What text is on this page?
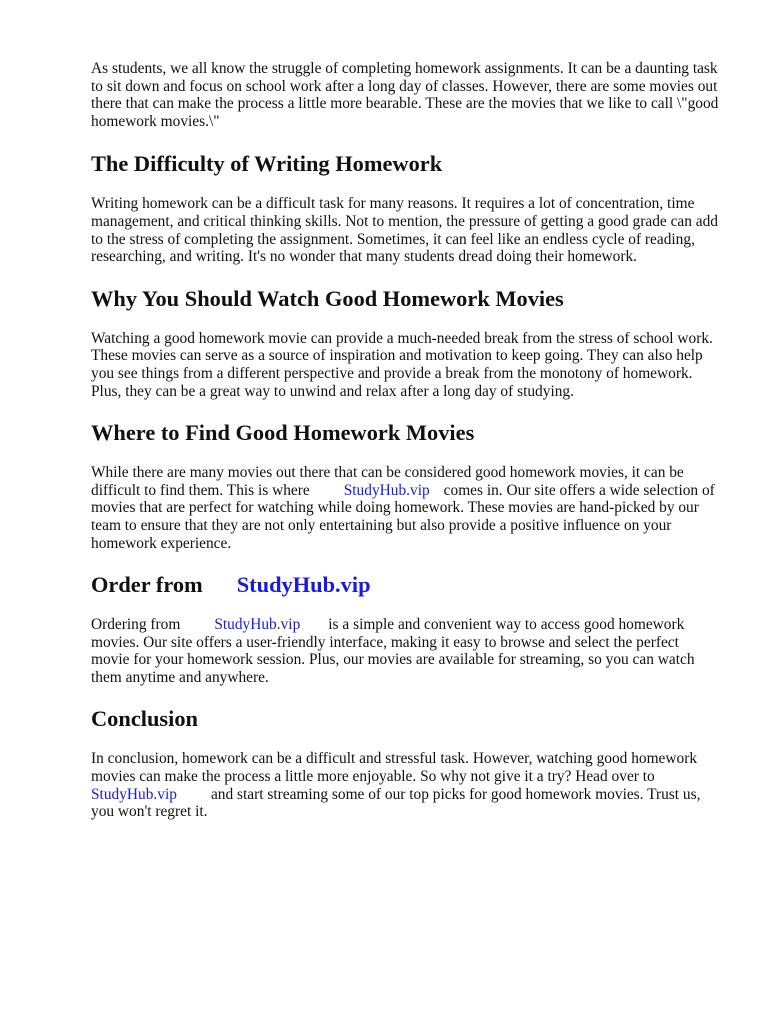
As students, we all know the struggle of completing homework assignments. It can be a daunting task to sit down and focus on school work after a long day of classes. However, there are some movies out there that can make the process a little more bearable. These are the movies that we like to call \"good homework movies.\"

The Difficulty of Writing Homework

Writing homework can be a difficult task for many reasons. It requires a lot of concentration, time management, and critical thinking skills. Not to mention, the pressure of getting a good grade can add to the stress of completing the assignment. Sometimes, it can feel like an endless cycle of reading, researching, and writing. It's no wonder that many students dread doing their homework.

Why You Should Watch Good Homework Movies

Watching a good homework movie can provide a much-needed break from the stress of school work. These movies can serve as a source of inspiration and motivation to keep going. They can also help you see things from a different perspective and provide a break from the monotony of homework. Plus, they can be a great way to unwind and relax after a long day of studying.

Where to Find Good Homework Movies

While there are many movies out there that can be considered good homework movies, it can be difficult to find them. This is where StudyHub.vip comes in. Our site offers a wide selection of movies that are perfect for watching while doing homework. These movies are hand-picked by our team to ensure that they are not only entertaining but also provide a positive influence on your homework experience.

Order from StudyHub.vip

Ordering from StudyHub.vip is a simple and convenient way to access good homework movies. Our site offers a user-friendly interface, making it easy to browse and select the perfect movie for your homework session. Plus, our movies are available for streaming, so you can watch them anytime and anywhere.

Conclusion

In conclusion, homework can be a difficult and stressful task. However, watching good homework movies can make the process a little more enjoyable. So why not give it a try? Head over to StudyHub.vip and start streaming some of our top picks for good homework movies. Trust us, you won't regret it.
